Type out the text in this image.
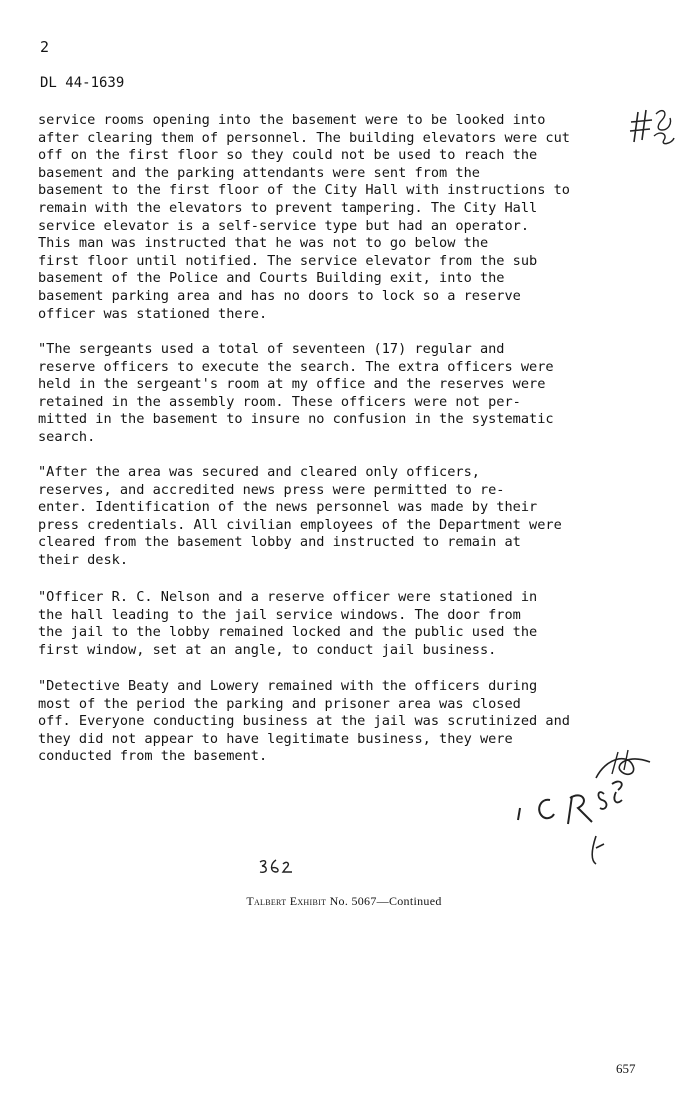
2
DL 44-1639
service rooms opening into the basement were to be looked into
after clearing them of personnel. The building elevators were cut
off on the first floor so they could not be used to reach the
basement and the parking attendants were sent from the
basement to the first floor of the City Hall with instructions to
remain with the elevators to prevent tampering. The City Hall
service elevator is a self-service type but had an operator.
This man was instructed that he was not to go below the
first floor until notified. The service elevator from the sub
basement of the Police and Courts Building exit, into the
basement parking area and has no doors to lock so a reserve
officer was stationed there.
"The sergeants used a total of seventeen (17) regular and
reserve officers to execute the search. The extra officers were
held in the sergeant's room at my office and the reserves were
retained in the assembly room. These officers were not per-
mitted in the basement to insure no confusion in the systematic
search.
"After the area was secured and cleared only officers,
reserves, and accredited news press were permitted to re-
enter. Identification of the news personnel was made by their
press credentials. All civilian employees of the Department were
cleared from the basement lobby and instructed to remain at
their desk.
"Officer R. C. Nelson and a reserve officer were stationed in
the hall leading to the jail service windows. The door from
the jail to the lobby remained locked and the public used the
first window, set at an angle, to conduct jail business.
"Detective Beaty and Lowery remained with the officers during
most of the period the parking and prisoner area was closed
off. Everyone conducting business at the jail was scrutinized and
they did not appear to have legitimate business, they were
conducted from the basement.
Talbert Exhibit No. 5067—Continued
657
